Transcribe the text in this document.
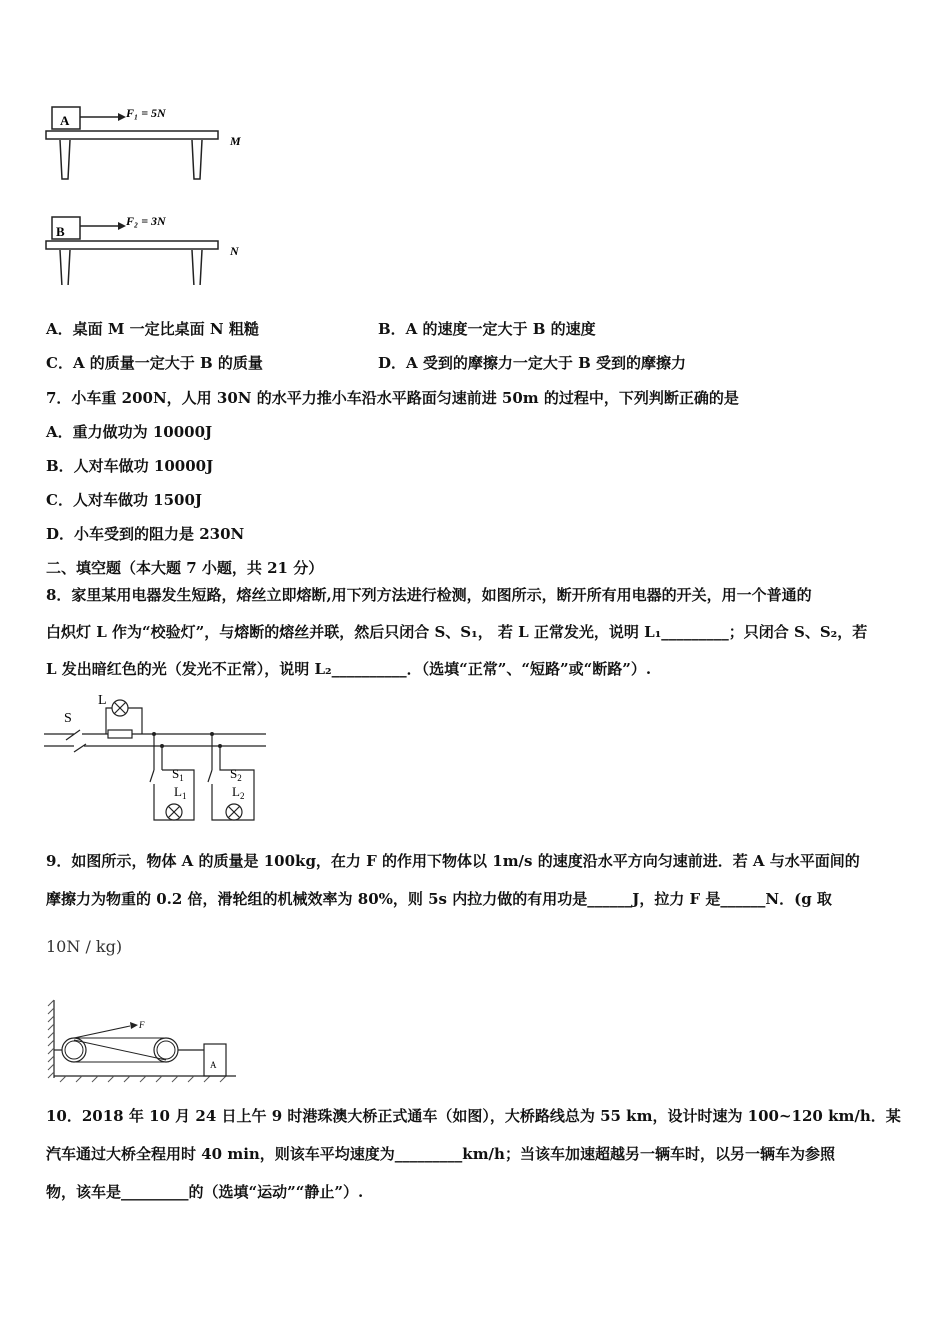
A	F₁ = 5N
M
B
F₂ = 3N
N
A．桌面 M 一定比桌面 N 粗糙	B．A 的速度一定大于 B 的速度
C．A 的质量一定大于 B 的质量	D．A 受到的摩擦力一定大于 B 受到的摩擦力
7．小车重 200N，人用 30N 的水平力推小车沿水平路面匀速前进 50m 的过程中，下列判断正确的是
A．重力做功为 10000J
B．人对车做功 10000J
C．人对车做功 1500J
D．小车受到的阻力是 230N
二、填空题（本大题 7 小题，共 21 分）
8．家里某用电器发生短路，熔丝立即熔断,用下列方法进行检测，如图所示，断开所有用电器的开关，用一个普通的
白炽灯 L 作为“校验灯”，与熔断的熔丝并联，然后只闭合 S、S₁， 若 L 正常发光，说明 L₁_________；只闭合 S、S₂，若
L 发出暗红色的光（发光不正常），说明 L₂__________．（选填“正常”、“短路”或“断路”）.
S
L
$S_1$
$L_1$
$S_2$
$L_2$
9．如图所示，物体 A 的质量是 100kg，在力 F 的作用下物体以 1m/s 的速度沿水平方向匀速前进．若 A 与水平面间的
摩擦力为物重的 0.2 倍，滑轮组的机械效率为 80%，则 5s 内拉力做的有用功是______J，拉力 F 是______N．(g 取
10N / kg)
F
A
10．2018 年 10 月 24 日上午 9 时港珠澳大桥正式通车（如图），大桥路线总为 55 km，设计时速为 100~120 km/h．某
汽车通过大桥全程用时 40 min，则该车平均速度为_________km/h；当该车加速超越另一辆车时，以另一辆车为参照
物，该车是_________的（选填“运动”“静止”）.
